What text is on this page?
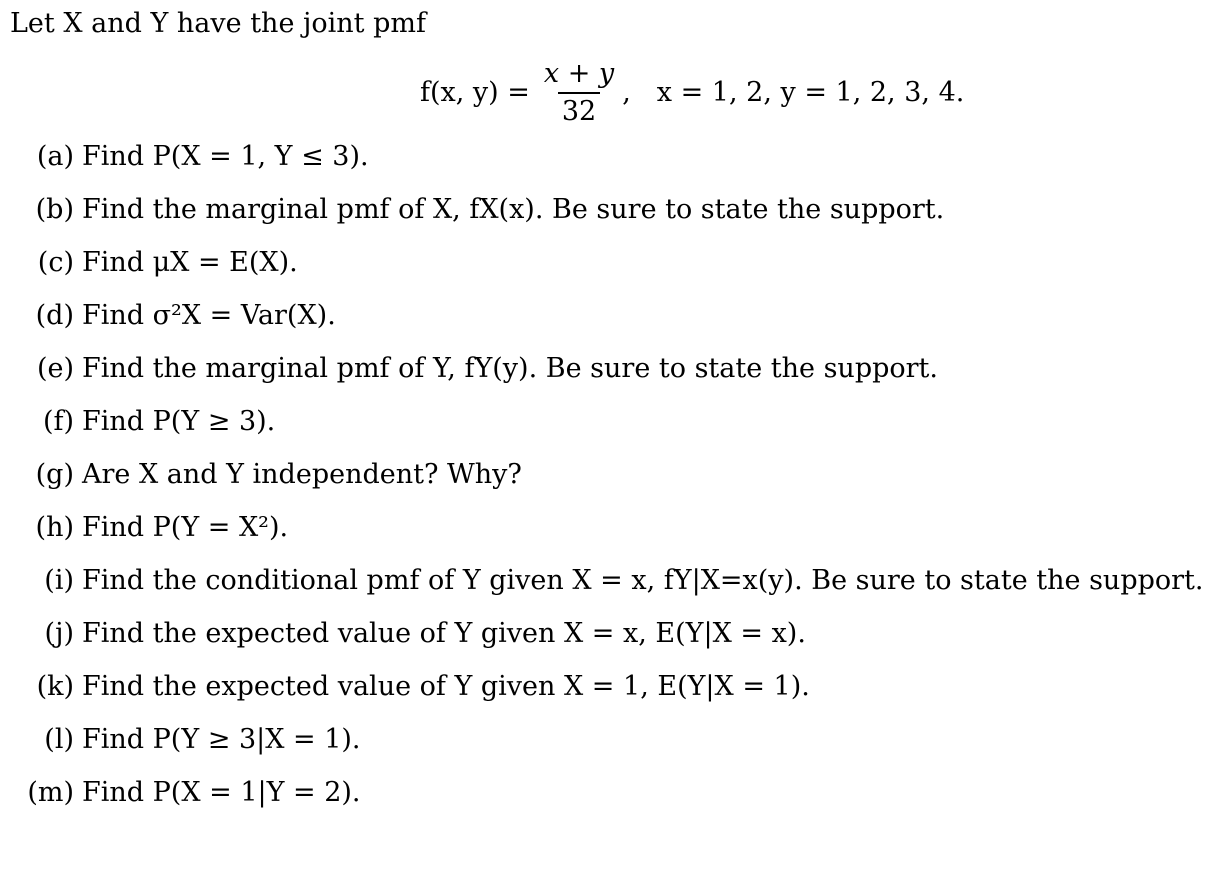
Let X and Y have the joint pmf
f(x, $y) = \frac{x + y}{32}$ , x = 1, 2, y = 1, 2, 3, 4.
(a) Find P(X = 1, Y ≤ 3).
(b) Find the marginal pmf of X, fX(x). Be sure to state the support.
(c) Find μX = E(X).
(d) Find σ²X = Var(X).
(e) Find the marginal pmf of Y, fY(y). Be sure to state the support.
(f) Find P(Y ≥ 3).
(g) Are X and Y independent? Why?
(h) Find P(Y = X²).
(i) Find the conditional pmf of Y given X = x, fY|X=x(y). Be sure to state the support.
(j) Find the expected value of Y given X = x, E(Y|X = x).
(k) Find the expected value of Y given X = 1, E(Y|X = 1).
(l) Find P(Y ≥ 3|X = 1).
(m) Find P(X = 1|Y = 2).
